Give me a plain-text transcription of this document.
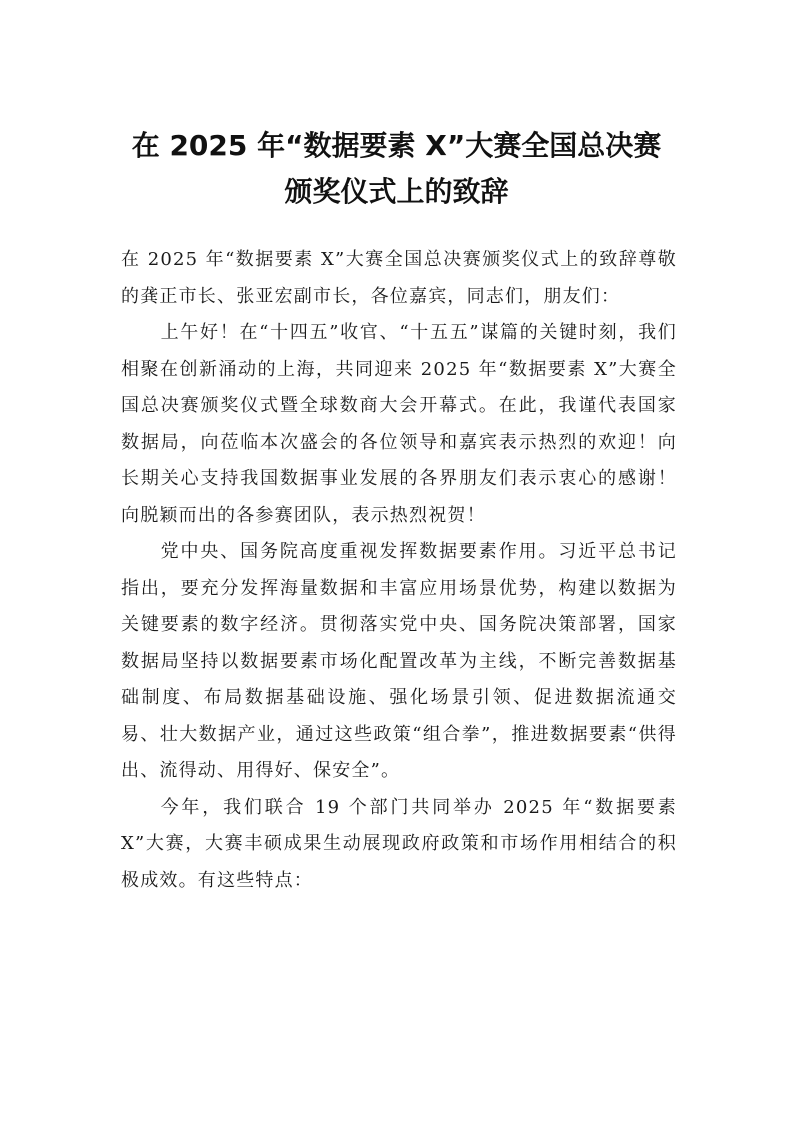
在 2025 年“数据要素 X”大赛全国总决赛
颁奖仪式上的致辞

在 2025 年“数据要素 X”大赛全国总决赛颁奖仪式上的致辞尊敬的龚正市长、张亚宏副市长，各位嘉宾，同志们，朋友们：

上午好！在“十四五”收官、“十五五”谋篇的关键时刻，我们相聚在创新涌动的上海，共同迎来 2025 年“数据要素 X”大赛全国总决赛颁奖仪式暨全球数商大会开幕式。在此，我谨代表国家数据局，向莅临本次盛会的各位领导和嘉宾表示热烈的欢迎！向长期关心支持我国数据事业发展的各界朋友们表示衷心的感谢！向脱颖而出的各参赛团队，表示热烈祝贺！

党中央、国务院高度重视发挥数据要素作用。习近平总书记指出，要充分发挥海量数据和丰富应用场景优势，构建以数据为关键要素的数字经济。贯彻落实党中央、国务院决策部署，国家数据局坚持以数据要素市场化配置改革为主线，不断完善数据基础制度、布局数据基础设施、强化场景引领、促进数据流通交易、壮大数据产业，通过这些政策“组合拳”，推进数据要素“供得出、流得动、用得好、保安全”。

今年，我们联合 19 个部门共同举办 2025 年“数据要素 X”大赛，大赛丰硕成果生动展现政府政策和市场作用相结合的积极成效。有这些特点：
